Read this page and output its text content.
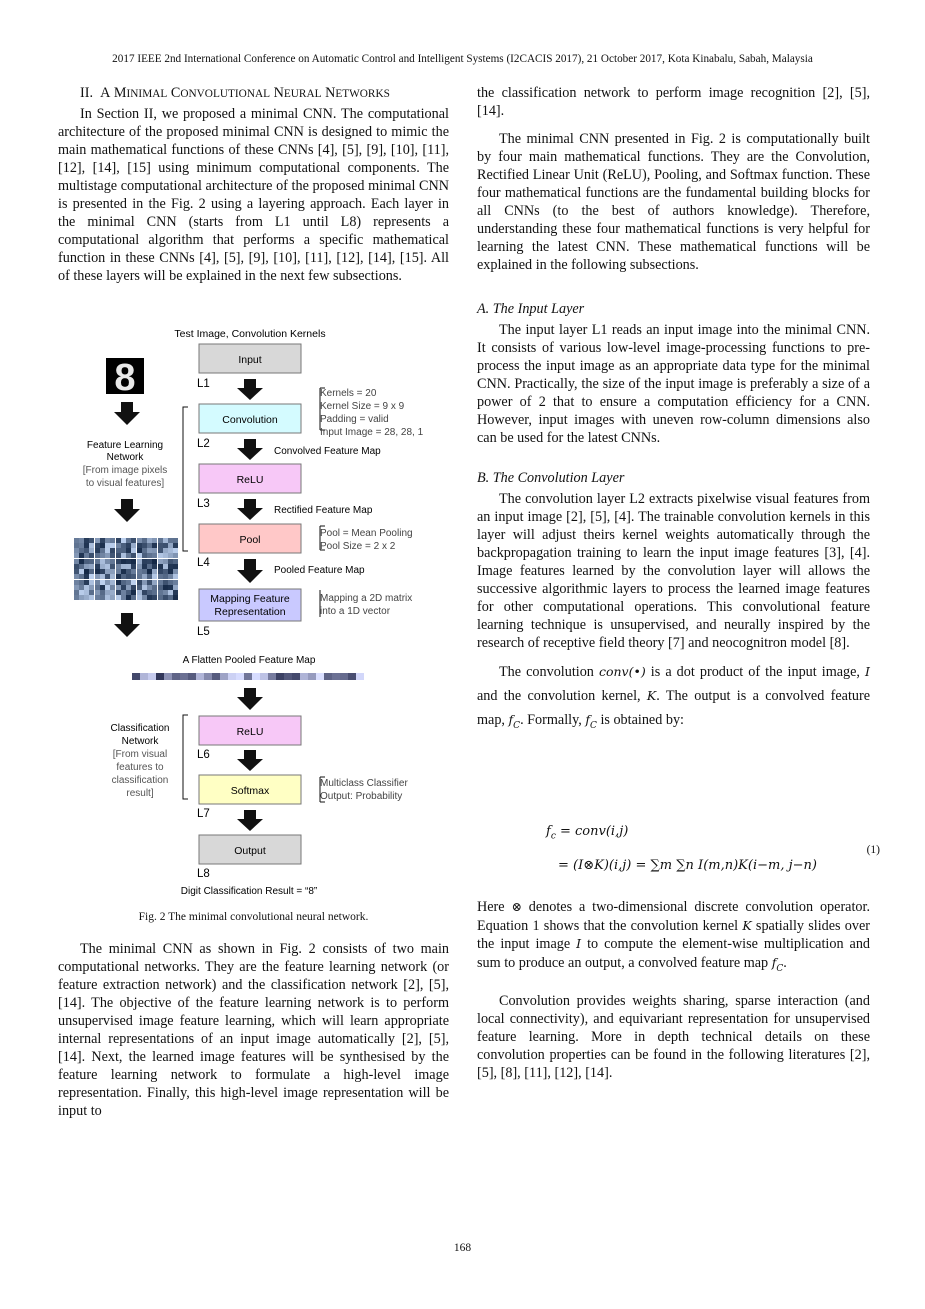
2017 IEEE 2nd International Conference on Automatic Control and Intelligent Systems (I2CACIS 2017), 21 October 2017, Kota Kinabalu, Sabah, Malaysia

II. A MINIMAL CONVOLUTIONAL NEURAL NETWORKS

In Section II, we proposed a minimal CNN. The computational architecture of the proposed minimal CNN is designed to mimic the main mathematical functions of these CNNs [4], [5], [9], [10], [11], [12], [14], [15] using minimum computational components. The multistage computational architecture of the proposed minimal CNN is presented in the Fig. 2 using a layering approach. Each layer in the minimal CNN (starts from L1 until L8) represents a computational algorithm that performs a specific mathematical function in these CNNs [4], [5], [9], [10], [11], [12], [14], [15]. All of these layers will be explained in the next few subsections.

Test Image, Convolution Kernels
Input
Convolution
ReLU
Pool
Mapping Feature
Representation
ReLU
Softmax
Output
L1
L2
L3
L4
L5
L6
L7
L8
8	Kernels = 20
Kernel Size = 9 x 9
Padding = valid
Input Image = 28, 28, 1
Convolved Feature Map
Rectified Feature Map
Pool = Mean Pooling
Pool Size = 2 x 2
Pooled Feature Map
Mapping a 2D matrix
into a 1D vector
A Flatten Pooled Feature Map
Multiclass Classifier
Output: Probability
Digit Classification Result = “8”
Feature Learning
Network
[From image pixels
to visual features]
Classification
Network
[From visual
features to
classification
result]
Fig. 2 The minimal convolutional neural network.

The minimal CNN as shown in Fig. 2 consists of two main computational networks. They are the feature learning network (or feature extraction network) and the classification network [2], [5], [14]. The objective of the feature learning network is to perform unsupervised image feature learning, which will learn appropriate internal representations of an input image automatically [2], [5], [14]. Next, the learned image features will be synthesised by the feature learning network to formulate a high-level image representation. Finally, this high-level image representation will be input to

the classification network to perform image recognition [2], [5], [14].

The minimal CNN presented in Fig. 2 is computationally built by four main mathematical functions. They are the Convolution, Rectified Linear Unit (ReLU), Pooling, and Softmax function. These four mathematical functions are the fundamental building blocks for all CNNs (to the best of authors knowledge). Therefore, understanding these four mathematical functions is very helpful for learning the latest CNN. These mathematical functions will be explained in the following subsections.

A. The Input Layer

The input layer L1 reads an input image into the minimal CNN. It consists of various low-level image-processing functions to pre-process the input image as an appropriate data type for the minimal CNN. Practically, the size of the input image is preferably a size of a power of 2 that to ensure a computation efficiency for a CNN. However, input images with uneven row-column dimensions also can be used for the latest CNNs.

B. The Convolution Layer

The convolution layer L2 extracts pixelwise visual features from an input image [2], [5], [4]. The trainable convolution kernels in this layer will adjust theirs kernel weights automatically through the backpropagation training to learn the input image features [3], [4]. Image features learned by the convolution layer will allows the successive algorithmic layers to process the learned image features for other computational operations. This convolutional feature learning technique is unsupervised, and neurally inspired by the research of receptive field theory [7] and neocognitron model [8].

The convolution conv(•) is a dot product of the input image, I and the convolution kernel, K. The output is a convolved feature map, $f_C$. Formally, $f_C$ is obtained by:

$f_c$ = conv(i,j)
= (I⊗K)(i,j) = ∑m ∑n I(m,n)K(i−m, j−n)
(1)

Here ⊗ denotes a two-dimensional discrete convolution operator. Equation 1 shows that the convolution kernel K spatially slides over the input image I to compute the element-wise multiplication and sum to produce an output, a convolved feature map $f_C$.

Convolution provides weights sharing, sparse interaction (and local connectivity), and equivariant representation for unsupervised feature learning. More in depth technical details on these convolution properties can be found in the following literatures [2], [5], [8], [11], [12], [14].

168
